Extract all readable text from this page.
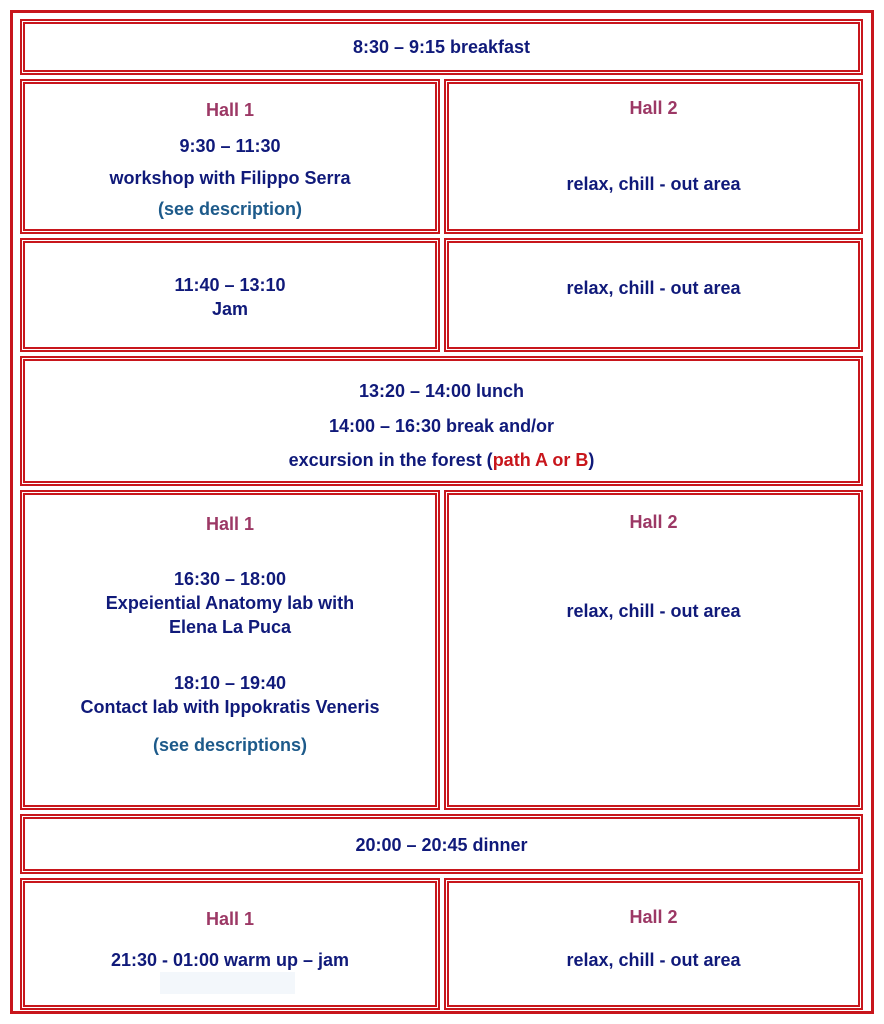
8:30 – 9:15 breakfast
Hall 1
9:30 – 11:30
workshop with Filippo Serra
(see description)
Hall 2
relax, chill - out area
11:40 – 13:10
Jam
relax, chill - out area
13:20 – 14:00 lunch
14:00 – 16:30 break and/or
excursion in the forest (path A or B)
Hall 1
16:30 – 18:00
Expeiential Anatomy lab with
Elena La Puca
18:10 – 19:40
Contact lab with Ippokratis Veneris
(see descriptions)
Hall 2
relax, chill - out area
20:00 – 20:45 dinner
Hall 1
21:30 - 01:00 warm up – jam
Hall 2
relax, chill - out area
